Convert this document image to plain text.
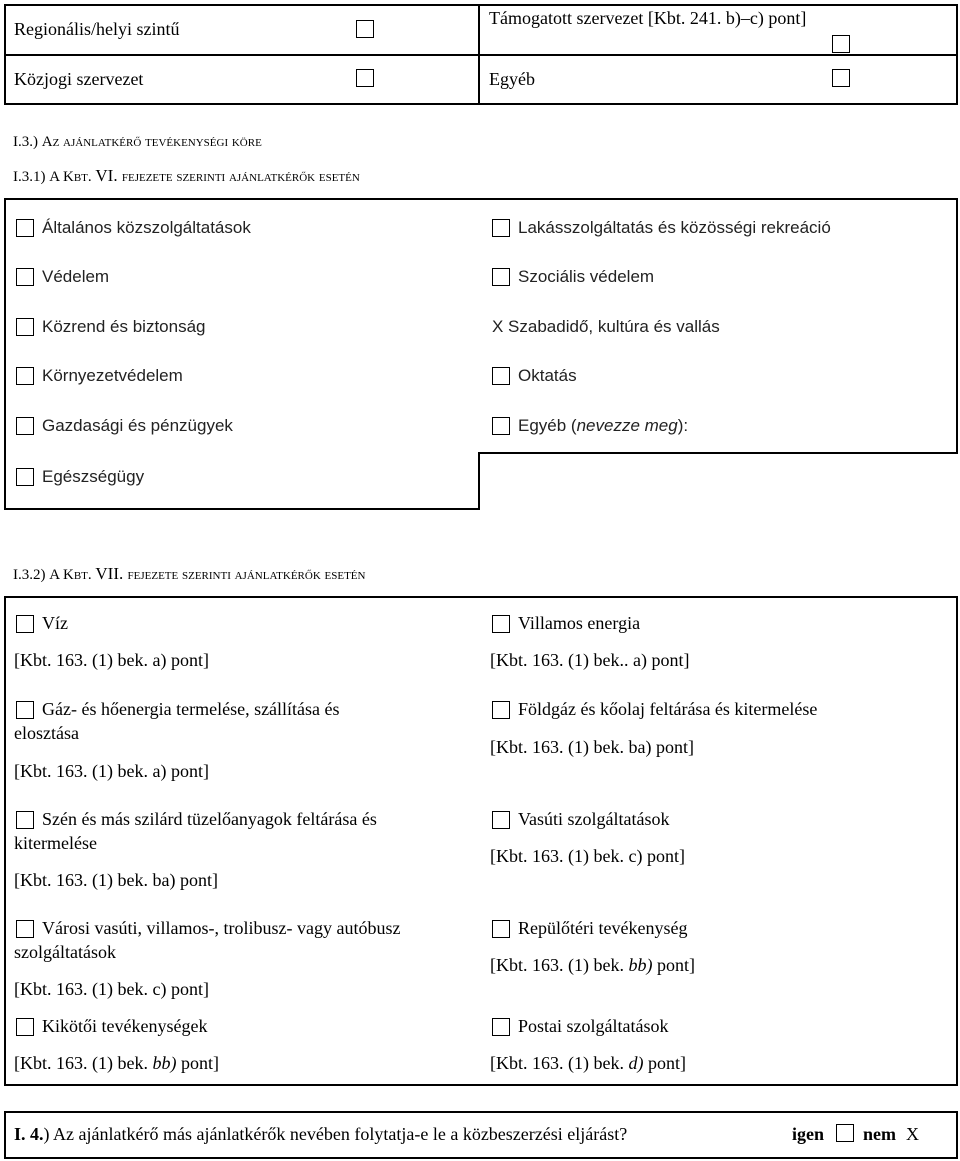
Regionális/helyi szintű
Támogatott szervezet [Kbt. 241. b)–c) pont]
Közjogi szervezet	Egyéb
I.3.) Az ajánlatkérő tevékenységi köre
I.3.1) A Kbt. VI. fejezete szerinti ajánlatkérők esetén
Általános közszolgáltatások
Védelem
Közrend és biztonság
Környezetvédelem
Gazdasági és pénzügyek
Egészségügy
Lakásszolgáltatás és közösségi rekreáció
Szociális védelem
X Szabadidő, kultúra és vallás
Oktatás
Egyéb (nevezze meg):
I.3.2) A Kbt. VII. fejezete szerinti ajánlatkérők esetén
Víz
[Kbt. 163. (1) bek. a) pont]
Gáz- és hőenergia termelése, szállítása és
elosztása
[Kbt. 163. (1) bek. a) pont]
Szén és más szilárd tüzelőanyagok feltárása és
kitermelése
[Kbt. 163. (1) bek. ba) pont]
Városi vasúti, villamos-, trolibusz- vagy autóbusz
szolgáltatások
[Kbt. 163. (1) bek. c) pont]
Kikötői tevékenységek
[Kbt. 163. (1) bek. bb) pont]
Villamos energia
[Kbt. 163. (1) bek.. a) pont]
Földgáz és kőolaj feltárása és kitermelése
[Kbt. 163. (1) bek. ba) pont]
Vasúti szolgáltatások
[Kbt. 163. (1) bek. c) pont]
Repülőtéri tevékenység
[Kbt. 163. (1) bek. bb) pont]
Postai szolgáltatások
[Kbt. 163. (1) bek. d) pont]
I. 4.) Az ajánlatkérő más ajánlatkérők nevében folytatja-e le a közbeszerzési eljárást?	igen nem X
